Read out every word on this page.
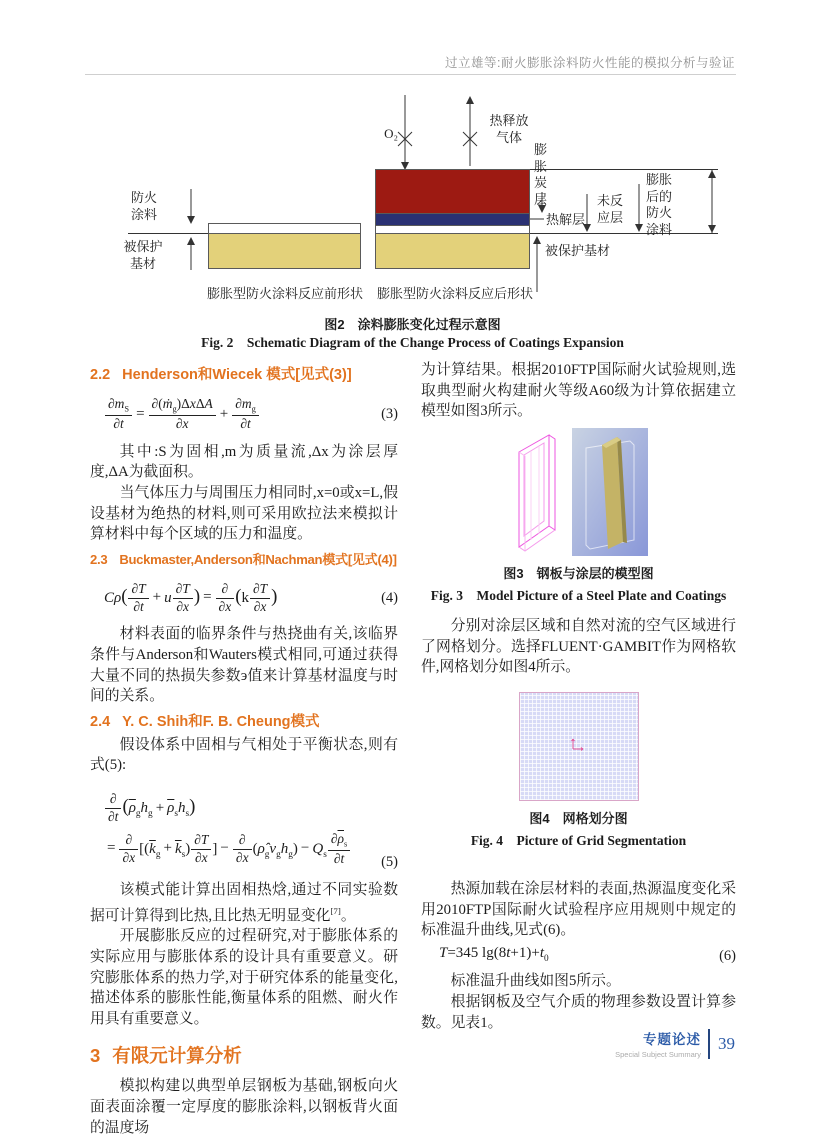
过立雄等:耐火膨胀涂料防火性能的模拟分析与验证
O₂
热释放
气体
防火
涂料
被保护
基材
膨胀炭层
热解层
未反
应层
膨胀后的防火涂料
被保护基材
膨胀型防火涂料反应前形状	膨胀型防火涂料反应后形状
图2　涂料膨胀变化过程示意图
Fig. 2　Schematic Diagram of the Change Process of Coatings Expansion
2.2 Henderson和Wiecek 模式[见式(3)]
$\frac{\partial m_S}{\partial t} = \frac{\partial(ṁ_g)\Delta x\Delta A}{\partial x} + \frac{\partial m_g}{\partial t}$	(3)

其中:S为固相,m为质量流,Δx为涂层厚度,ΔA为截面积。

当气体压力与周围压力相同时,x=0或x=L,假设基材为绝热的材料,则可采用欧拉法来模拟计算材料中每个区域的压力和温度。

2.3 Buckmaster,Anderson和Nachman模式[见式(4)]
$C\rho( \frac{\partial T}{\partial t} + u \frac{\partial T}{\partial x}$ ) = $\frac{\partial}{\partial x} (k \frac{\partial T}{\partial x}$ )	(4)

材料表面的临界条件与热挠曲有关,该临界条件与Anderson和Wauters模式相同,可通过获得大量不同的热损失参数э值来计算基材温度与时间的关系。

2.4 Y. C. Shih和F. B. Cheung模式

假设体系中固相与气相处于平衡状态,则有式(5):

$\frac{\partial}{\partial t} (\overline{\rho}_gh_g + \overline{\rho}_sh_s)$
= $\frac{\partial}{\partial x} [(\overline{k}_g + \overline{k}_s) \frac{\partial T}{\partial x}$ ] − $\frac{\partial}{\partial x}$ $(\rhô_gv_gh_g) - Q_s \frac{\partial\overline{\rho}_s}{\partial t} (5)$

该模式能计算出固相热焓,通过不同实验数据可计算得到比热,且比热无明显变化[7]。

开展膨胀反应的过程研究,对于膨胀体系的实际应用与膨胀体系的设计具有重要意义。研究膨胀体系的热力学,对于研究体系的能量变化,描述体系的膨胀性能,衡量体系的阻燃、耐火作用具有重要意义。

3 有限元计算分析

模拟构建以典型单层钢板为基础,钢板向火面表面涂覆一定厚度的膨胀涂料,以钢板背火面的温度场

为计算结果。根据2010FTP国际耐火试验规则,选取典型耐火构建耐火等级A60级为计算依据建立模型如图3所示。

图3　钢板与涂层的模型图
Fig. 3　Model Picture of a Steel Plate and Coatings

分别对涂层区域和自然对流的空气区域进行了网格划分。选择FLUENT·GAMBIT作为网格软件,网格划分如图4所示。

图4　网格划分图
Fig. 4　Picture of Grid Segmentation

热源加载在涂层材料的表面,热源温度变化采用2010FTP国际耐火试验程序应用规则中规定的标准温升曲线,见式(6)。

T=345 $\lg(8t+1)+t_0$	(6)

标准温升曲线如图5所示。

根据钢板及空气介质的物理参数设置计算参数。见表1。

专题论述
Special Subject Summary
39
